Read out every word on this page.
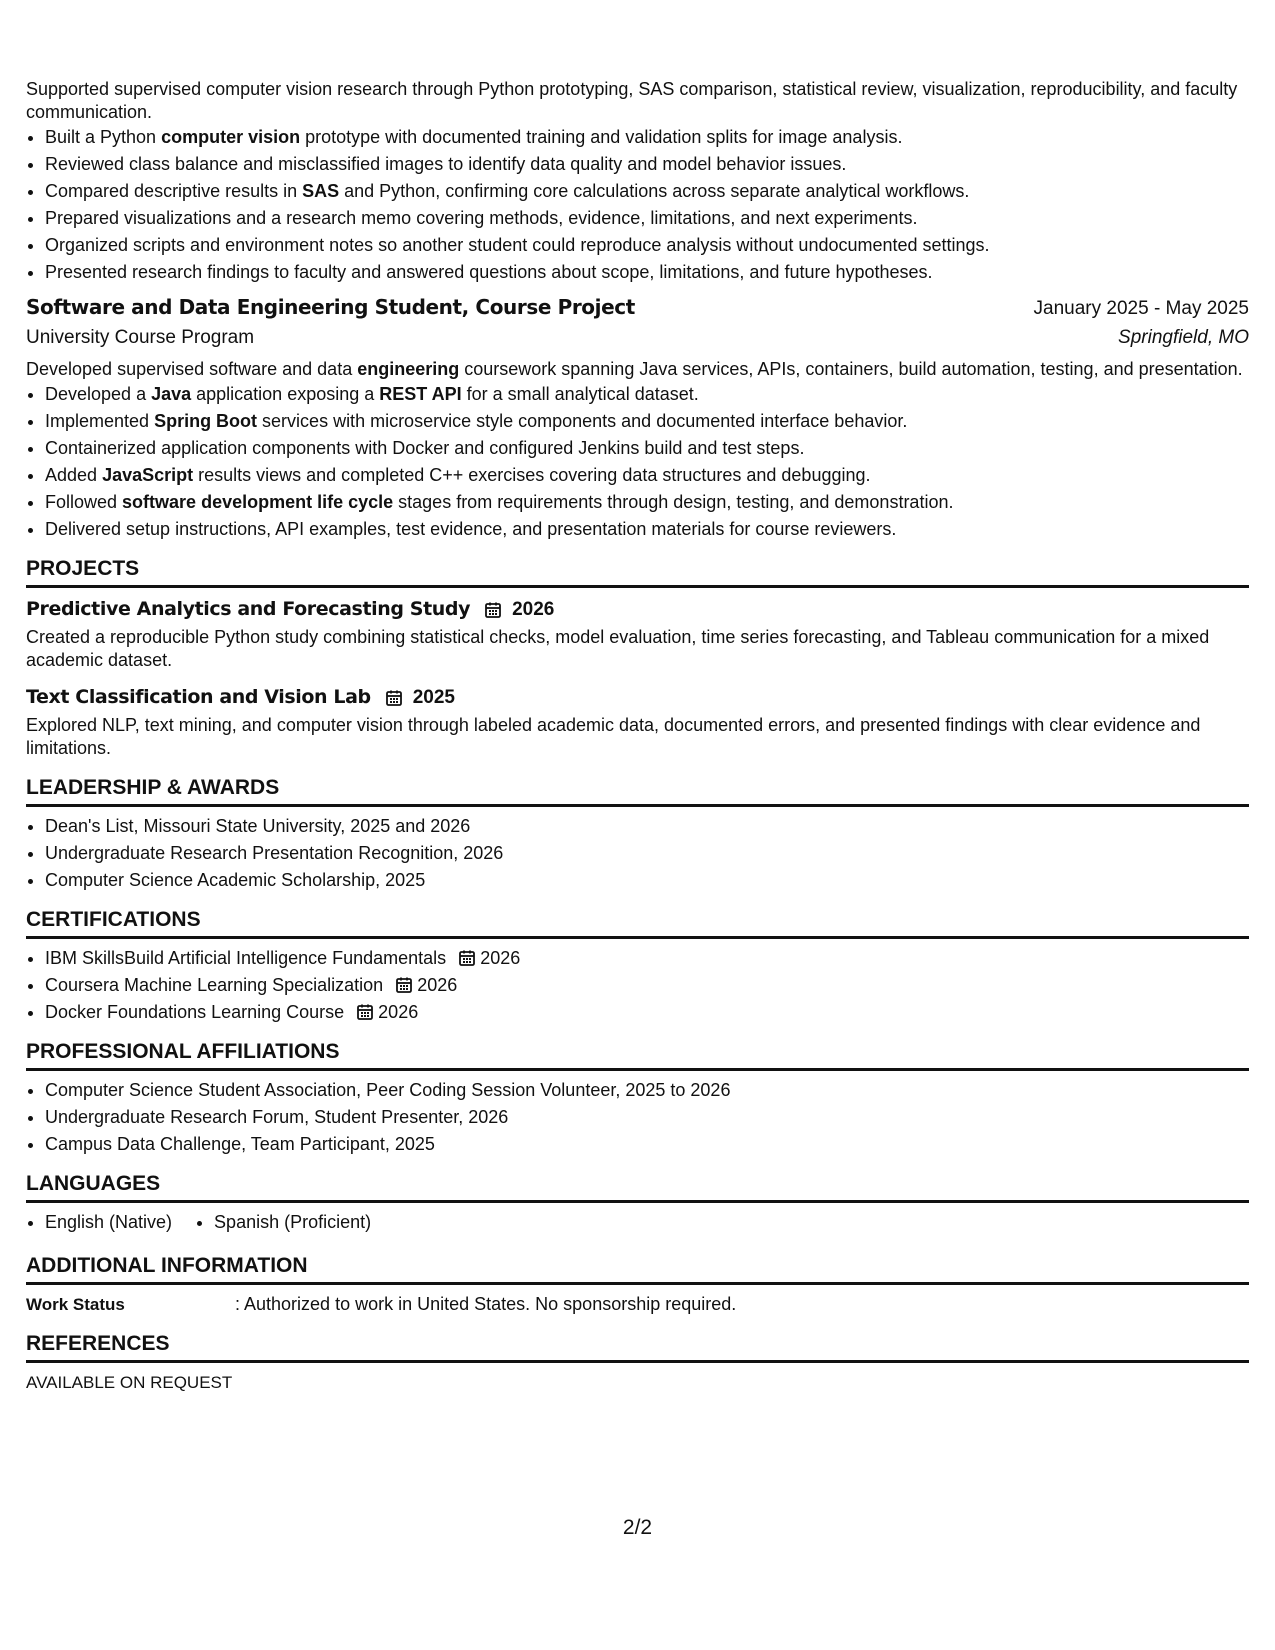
Supported supervised computer vision research through Python prototyping, SAS comparison, statistical review, visualization, reproducibility, and faculty communication.

• Built a Python computer vision prototype with documented training and validation splits for image analysis.
• Reviewed class balance and misclassified images to identify data quality and model behavior issues.
• Compared descriptive results in SAS and Python, confirming core calculations across separate analytical workflows.
• Prepared visualizations and a research memo covering methods, evidence, limitations, and next experiments.
• Organized scripts and environment notes so another student could reproduce analysis without undocumented settings.
• Presented research findings to faculty and answered questions about scope, limitations, and future hypotheses.
Software and Data Engineering Student, Course Project	January 2025 - May 2025
University Course Program	Springfield, MO

Developed supervised software and data engineering coursework spanning Java services, APIs, containers, build automation, testing, and presentation.

• Developed a Java application exposing a REST API for a small analytical dataset.
• Implemented Spring Boot services with microservice style components and documented interface behavior.
• Containerized application components with Docker and configured Jenkins build and test steps.
• Added JavaScript results views and completed C++ exercises covering data structures and debugging.
• Followed software development life cycle stages from requirements through design, testing, and demonstration.
• Delivered setup instructions, API examples, test evidence, and presentation materials for course reviewers.
PROJECTS
Predictive Analytics and Forecasting Study 2026

Created a reproducible Python study combining statistical checks, model evaluation, time series forecasting, and Tableau communication for a mixed academic dataset.

Text Classification and Vision Lab 2025

Explored NLP, text mining, and computer vision through labeled academic data, documented errors, and presented findings with clear evidence and limitations.

LEADERSHIP & AWARDS
• Dean's List, Missouri State University, 2025 and 2026
• Undergraduate Research Presentation Recognition, 2026
• Computer Science Academic Scholarship, 2025
CERTIFICATIONS
• IBM SkillsBuild Artificial Intelligence Fundamentals 2026
• Coursera Machine Learning Specialization 2026
• Docker Foundations Learning Course 2026
PROFESSIONAL AFFILIATIONS
• Computer Science Student Association, Peer Coding Session Volunteer, 2025 to 2026
• Undergraduate Research Forum, Student Presenter, 2026
• Campus Data Challenge, Team Participant, 2025
LANGUAGES
• English (Native)
• Spanish (Proficient)
ADDITIONAL INFORMATION
Work Status	: Authorized to work in United States. No sponsorship required.
REFERENCES
AVAILABLE ON REQUEST
2/2
